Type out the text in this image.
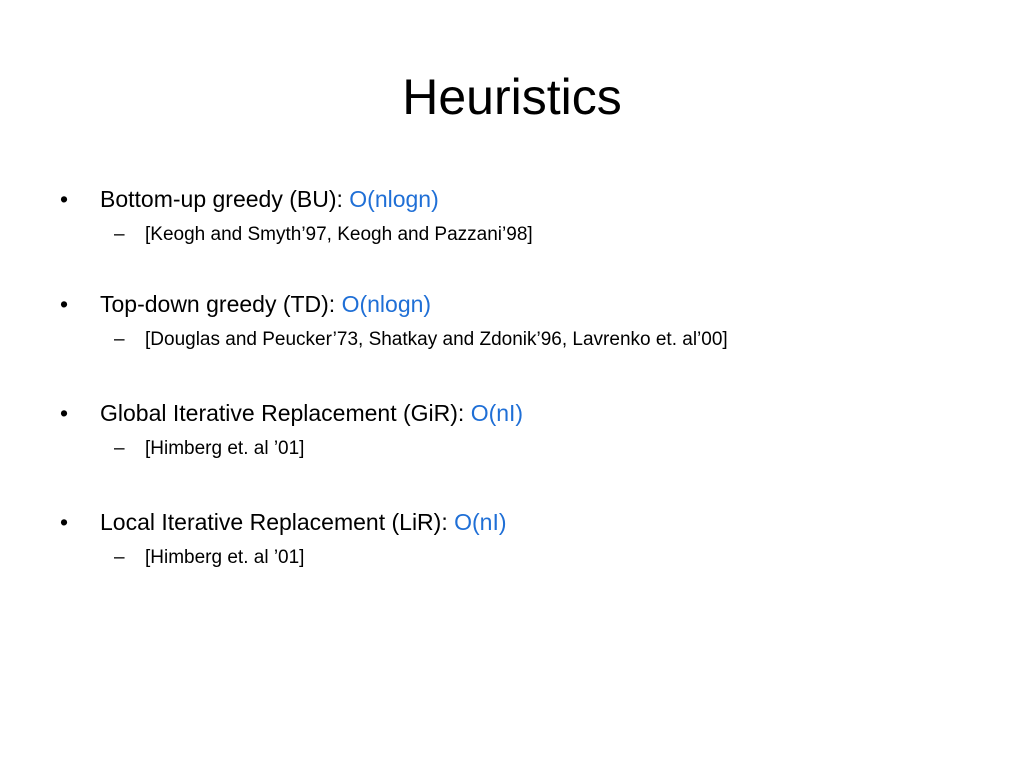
Heuristics
• Bottom-up greedy (BU): O(nlogn)
– [Keogh and Smyth’97, Keogh and Pazzani’98]
• Top-down greedy (TD): O(nlogn)
– [Douglas and Peucker’73, Shatkay and Zdonik’96, Lavrenko et. al’00]
• Global Iterative Replacement (GiR): O(nI)
– [Himberg et. al ’01]
• Local Iterative Replacement (LiR): O(nI)
– [Himberg et. al ’01]
